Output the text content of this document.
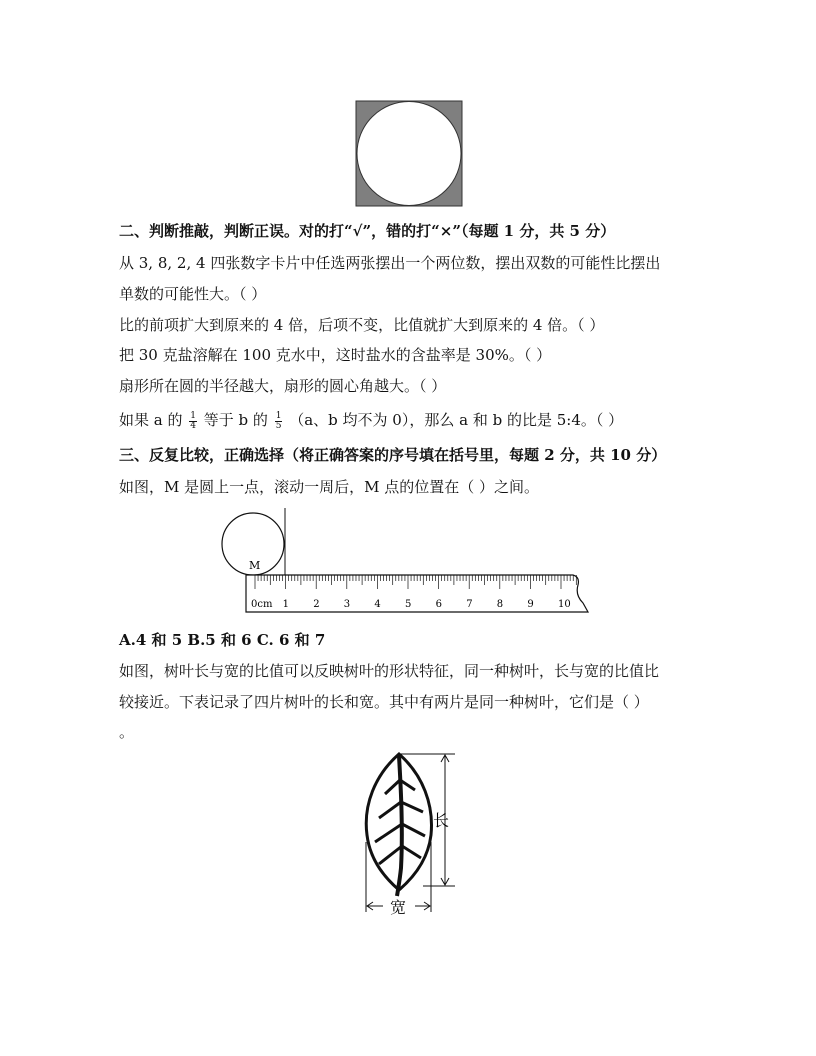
二、判断推敲，判断正误。对的打“√”，错的打“×”（每题 1 分，共 5 分）
从 3, 8, 2, 4 四张数字卡片中任选两张摆出一个两位数，摆出双数的可能性比摆出
单数的可能性大。（ ）
比的前项扩大到原来的 4 倍，后项不变，比值就扩大到原来的 4 倍。（ ）
把 30 克盐溶解在 100 克水中，这时盐水的含盐率是 30%。（ ）
扇形所在圆的半径越大，扇形的圆心角越大。（ ）
如果 a 的 $\frac{1}{4}$ 等于 b 的 $\frac{1}{5} (a$、b 均不为 0），那么 a 和 b 的比是 5:4。（ ）
三、反复比较，正确选择（将正确答案的序号填在括号里，每题 2 分，共 10 分）
如图，M 是圆上一点，滚动一周后，M 点的位置在（ ）之间。
M
0cm 1 2 3 4 5 6 7 8 9 10
A.4 和 5 B.5 和 6 C. 6 和 7
如图，树叶长与宽的比值可以反映树叶的形状特征，同一种树叶，长与宽的比值比
较接近。下表记录了四片树叶的长和宽。其中有两片是同一种树叶，它们是（ ）
。
长
宽
